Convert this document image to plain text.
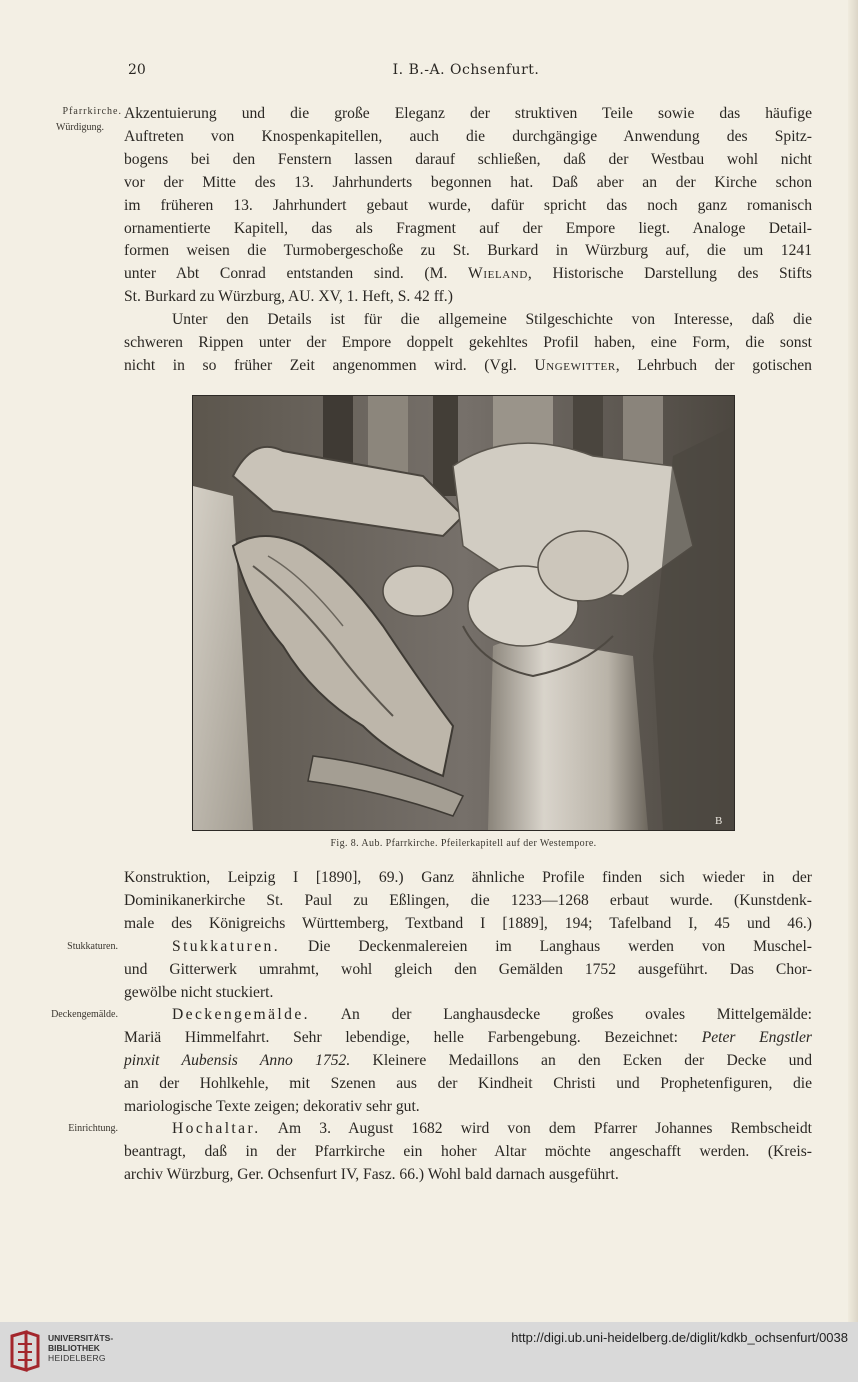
20	I. B.-A. Ochsenfurt.
Pfarrkirche.
Würdigung.
Stukkaturen.
Deckengemälde.
Einrichtung.

Akzentuierung und die große Eleganz der struktiven Teile sowie das häufige
Auftreten von Knospenkapitellen, auch die durchgängige Anwendung des Spitz-
bogens bei den Fenstern lassen darauf schließen, daß der Westbau wohl nicht
vor der Mitte des 13. Jahrhunderts begonnen hat. Daß aber an der Kirche schon
im früheren 13. Jahrhundert gebaut wurde, dafür spricht das noch ganz romanisch
ornamentierte Kapitell, das als Fragment auf der Empore liegt. Analoge Detail-
formen weisen die Turmobergeschoße zu St. Burkard in Würzburg auf, die um 1241
unter Abt Conrad entstanden sind. (M. Wieland, Historische Darstellung des Stifts
St. Burkard zu Würzburg, AU. XV, 1. Heft, S. 42 ff.)

Unter den Details ist für die allgemeine Stilgeschichte von Interesse, daß die
schweren Rippen unter der Empore doppelt gekehltes Profil haben, eine Form, die sonst
nicht in so früher Zeit angenommen wird. (Vgl. Ungewitter, Lehrbuch der gotischen

B
Fig. 8. Aub. Pfarrkirche. Pfeilerkapitell auf der Westempore.

Konstruktion, Leipzig I [1890], 69.) Ganz ähnliche Profile finden sich wieder in der
Dominikanerkirche St. Paul zu Eßlingen, die 1233—1268 erbaut wurde. (Kunstdenk-
male des Königreichs Württemberg, Textband I [1889], 194; Tafelband I, 45 und 46.)

Stukkaturen. Die Deckenmalereien im Langhaus werden von Muschel-
und Gitterwerk umrahmt, wohl gleich den Gemälden 1752 ausgeführt. Das Chor-
gewölbe nicht stuckiert.

Deckengemälde. An der Langhausdecke großes ovales Mittelgemälde:
Mariä Himmelfahrt. Sehr lebendige, helle Farbengebung. Bezeichnet: Peter Engstler
pinxit Aubensis Anno 1752. Kleinere Medaillons an den Ecken der Decke und
an der Hohlkehle, mit Szenen aus der Kindheit Christi und Prophetenfiguren, die
mariologische Texte zeigen; dekorativ sehr gut.

Hochaltar. Am 3. August 1682 wird von dem Pfarrer Johannes Rembscheidt
beantragt, daß in der Pfarrkirche ein hoher Altar möchte angeschafft werden. (Kreis-
archiv Würzburg, Ger. Ochsenfurt IV, Fasz. 66.) Wohl bald darnach ausgeführt.

UNIVERSITÄTS-
BIBLIOTHEK
HEIDELBERG
http://digi.ub.uni-heidelberg.de/diglit/kdkb_ochsenfurt/0038
